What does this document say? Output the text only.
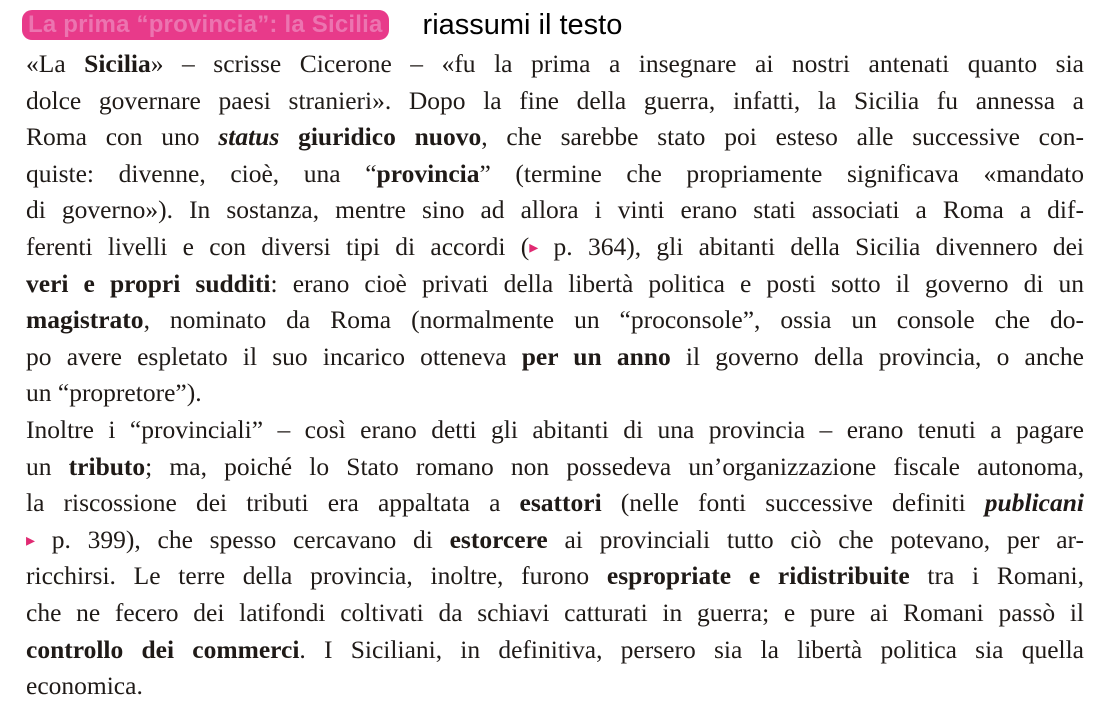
La prima “provincia”: la Sicilia riassumi il testo
«La Sicilia» – scrisse Cicerone – «fu la prima a insegnare ai nostri antenati quanto sia
dolce governare paesi stranieri». Dopo la fine della guerra, infatti, la Sicilia fu annessa a
Roma con uno status giuridico nuovo, che sarebbe stato poi esteso alle successive con-
quiste: divenne, cioè, una “provincia” (termine che propriamente significava «mandato
di governo»). In sostanza, mentre sino ad allora i vinti erano stati associati a Roma a dif-
ferenti livelli e con diversi tipi di accordi (▸ p. 364), gli abitanti della Sicilia divennero dei
veri e propri sudditi: erano cioè privati della libertà politica e posti sotto il governo di un
magistrato, nominato da Roma (normalmente un “proconsole”, ossia un console che do-
po avere espletato il suo incarico otteneva per un anno il governo della provincia, o anche
un “propretore”).
Inoltre i “provinciali” – così erano detti gli abitanti di una provincia – erano tenuti a pagare
un tributo; ma, poiché lo Stato romano non possedeva un’organizzazione fiscale autonoma,
la riscossione dei tributi era appaltata a esattori (nelle fonti successive definiti publicani
▸ p. 399), che spesso cercavano di estorcere ai provinciali tutto ciò che potevano, per ar-
ricchirsi. Le terre della provincia, inoltre, furono espropriate e ridistribuite tra i Romani,
che ne fecero dei latifondi coltivati da schiavi catturati in guerra; e pure ai Romani passò il
controllo dei commerci. I Siciliani, in definitiva, persero sia la libertà politica sia quella
economica.
